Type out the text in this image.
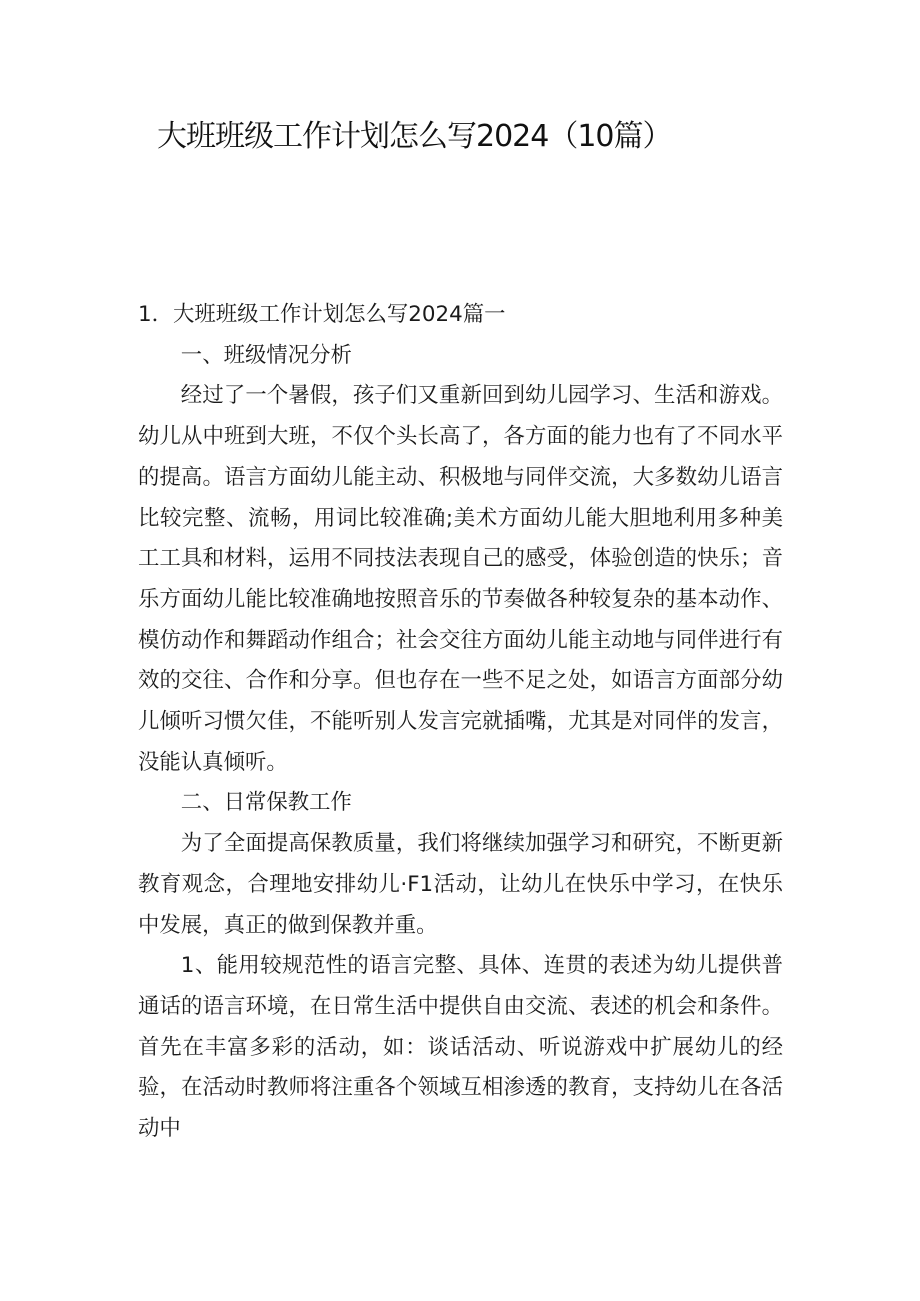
大班班级工作计划怎么写2024（10篇）

1．大班班级工作计划怎么写2024篇一

一、班级情况分析

经过了一个暑假，孩子们又重新回到幼儿园学习、生活和游戏。幼儿从中班到大班，不仅个头长高了，各方面的能力也有了不同水平的提高。语言方面幼儿能主动、积极地与同伴交流，大多数幼儿语言比较完整、流畅，用词比较准确;美术方面幼儿能大胆地利用多种美工工具和材料，运用不同技法表现自己的感受，体验创造的快乐；音乐方面幼儿能比较准确地按照音乐的节奏做各种较复杂的基本动作、模仿动作和舞蹈动作组合；社会交往方面幼儿能主动地与同伴进行有效的交往、合作和分享。但也存在一些不足之处，如语言方面部分幼儿倾听习惯欠佳，不能听别人发言完就插嘴，尤其是对同伴的发言，没能认真倾听。

二、日常保教工作

为了全面提高保教质量，我们将继续加强学习和研究，不断更新教育观念，合理地安排幼儿·F1活动，让幼儿在快乐中学习，在快乐中发展，真正的做到保教并重。

1、能用较规范性的语言完整、具体、连贯的表述为幼儿提供普通话的语言环境，在日常生活中提供自由交流、表述的机会和条件。首先在丰富多彩的活动，如：谈话活动、听说游戏中扩展幼儿的经验，在活动时教师将注重各个领域互相渗透的教育，支持幼儿在各活动中
